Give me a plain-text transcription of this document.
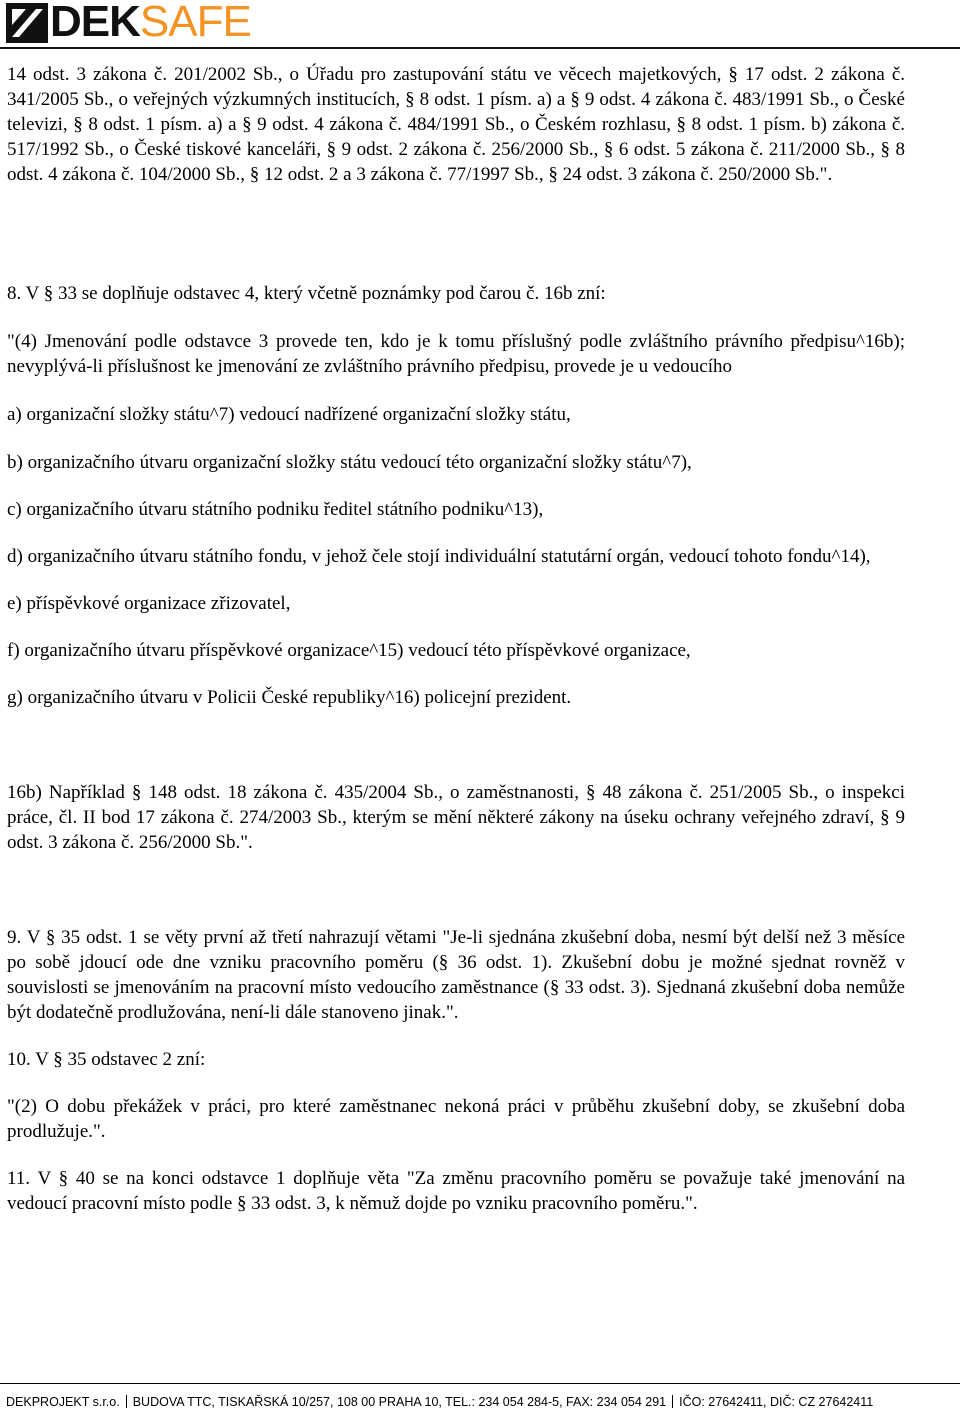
DEKSAFE

14 odst. 3 zákona č. 201/2002 Sb., o Úřadu pro zastupování státu ve věcech majetkových, § 17 odst. 2 zákona č. 341/2005 Sb., o veřejných výzkumných institucích, § 8 odst. 1 písm. a) a § 9 odst. 4 zákona č. 483/1991 Sb., o České televizi, § 8 odst. 1 písm. a) a § 9 odst. 4 zákona č. 484/1991 Sb., o Českém rozhlasu, § 8 odst. 1 písm. b) zákona č. 517/1992 Sb., o České tiskové kanceláři, § 9 odst. 2 zákona č. 256/2000 Sb., § 6 odst. 5 zákona č. 211/2000 Sb., § 8 odst. 4 zákona č. 104/2000 Sb., § 12 odst. 2 a 3 zákona č. 77/1997 Sb., § 24 odst. 3 zákona č. 250/2000 Sb.".

8. V § 33 se doplňuje odstavec 4, který včetně poznámky pod čarou č. 16b zní:

"(4) Jmenování podle odstavce 3 provede ten, kdo je k tomu příslušný podle zvláštního právního předpisu^16b); nevyplývá-li příslušnost ke jmenování ze zvláštního právního předpisu, provede je u vedoucího

a) organizační složky státu^7) vedoucí nadřízené organizační složky státu,

b) organizačního útvaru organizační složky státu vedoucí této organizační složky státu^7),

c) organizačního útvaru státního podniku ředitel státního podniku^13),

d) organizačního útvaru státního fondu, v jehož čele stojí individuální statutární orgán, vedoucí tohoto fondu^14),

e) příspěvkové organizace zřizovatel,

f) organizačního útvaru příspěvkové organizace^15) vedoucí této příspěvkové organizace,

g) organizačního útvaru v Policii České republiky^16) policejní prezident.

16b) Například § 148 odst. 18 zákona č. 435/2004 Sb., o zaměstnanosti, § 48 zákona č. 251/2005 Sb., o inspekci práce, čl. II bod 17 zákona č. 274/2003 Sb., kterým se mění některé zákony na úseku ochrany veřejného zdraví, § 9 odst. 3 zákona č. 256/2000 Sb.".

9. V § 35 odst. 1 se věty první až třetí nahrazují větami "Je-li sjednána zkušební doba, nesmí být delší než 3 měsíce po sobě jdoucí ode dne vzniku pracovního poměru (§ 36 odst. 1). Zkušební dobu je možné sjednat rovněž v souvislosti se jmenováním na pracovní místo vedoucího zaměstnance (§ 33 odst. 3). Sjednaná zkušební doba nemůže být dodatečně prodlužována, není-li dále stanoveno jinak.".

10. V § 35 odstavec 2 zní:

"(2) O dobu překážek v práci, pro které zaměstnanec nekoná práci v průběhu zkušební doby, se zkušební doba prodlužuje.".

11. V § 40 se na konci odstavce 1 doplňuje věta "Za změnu pracovního poměru se považuje také jmenování na vedoucí pracovní místo podle § 33 odst. 3, k němuž dojde po vzniku pracovního poměru.".

DEKPROJEKT s.r.o. BUDOVA TTC, TISKAŘSKÁ 10/257, 108 00 PRAHA 10, TEL.: 234 054 284-5, FAX: 234 054 291 IČO: 27642411, DIČ: CZ 27642411
